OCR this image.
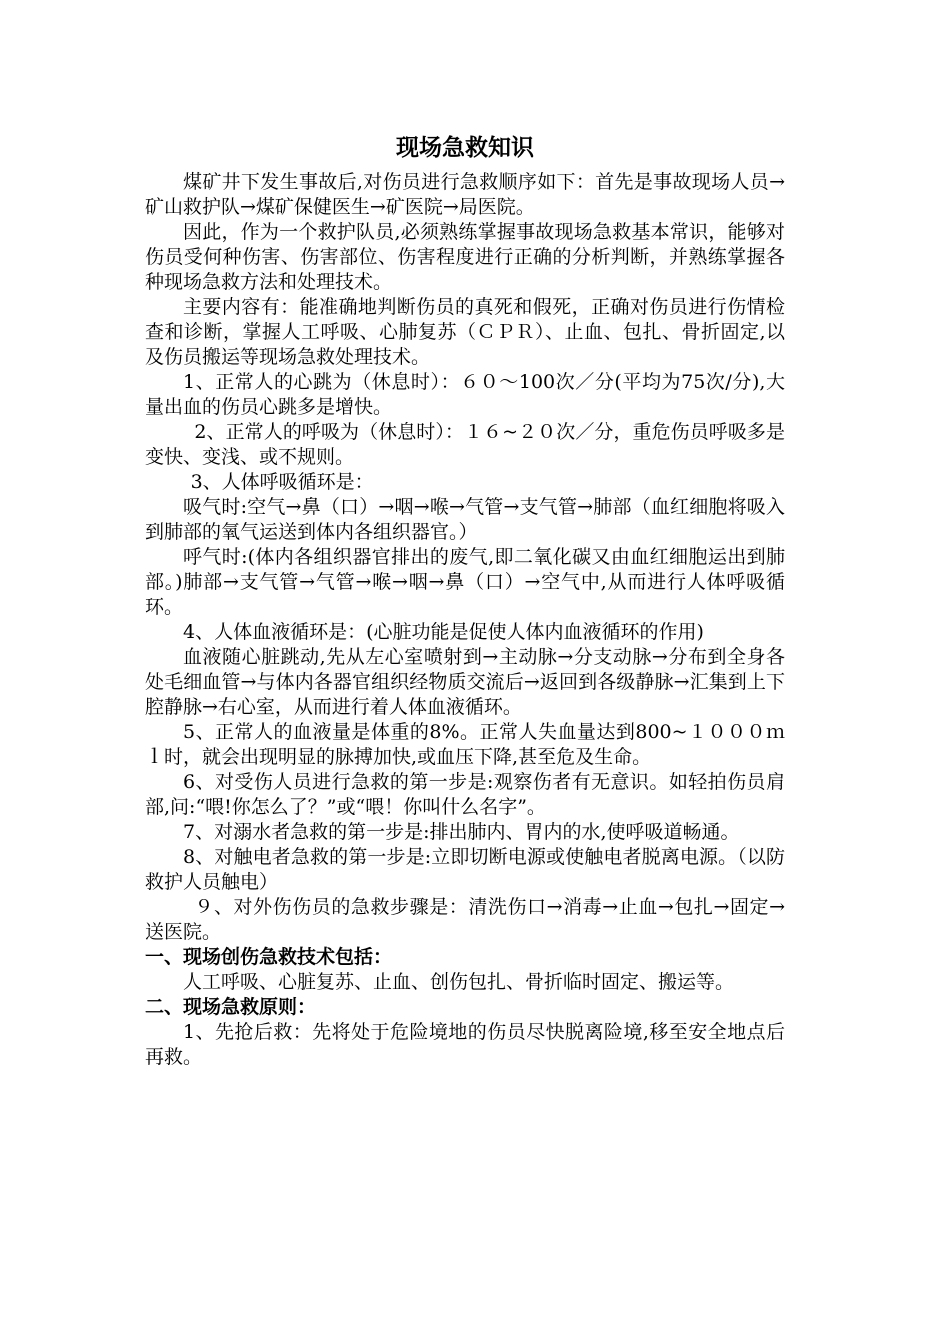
现场急救知识

煤矿井下发生事故后,对伤员进行急救顺序如下：首先是事故现场人员→矿山救护队→煤矿保健医生→矿医院→局医院。

因此，作为一个救护队员,必须熟练掌握事故现场急救基本常识，能够对伤员受何种伤害、伤害部位、伤害程度进行正确的分析判断，并熟练掌握各种现场急救方法和处理技术。

主要内容有：能准确地判断伤员的真死和假死，正确对伤员进行伤情检查和诊断，掌握人工呼吸、心肺复苏（ＣＰＲ）、止血、包扎、骨折固定,以及伤员搬运等现场急救处理技术。

1、正常人的心跳为（休息时）：６０～100次／分(平均为75次/分),大量出血的伤员心跳多是增快。

2、正常人的呼吸为（休息时）：１６~２０次／分，重危伤员呼吸多是变快、变浅、或不规则。

3、人体呼吸循环是：

吸气时:空气→鼻（口）→咽→喉→气管→支气管→肺部（血红细胞将吸入到肺部的氧气运送到体内各组织器官。）

呼气时:(体内各组织器官排出的废气,即二氧化碳又由血红细胞运出到肺部。)肺部→支气管→气管→喉→咽→鼻（口）→空气中,从而进行人体呼吸循环。

4、人体血液循环是：(心脏功能是促使人体内血液循环的作用)

血液随心脏跳动,先从左心室喷射到→主动脉→分支动脉→分布到全身各处毛细血管→与体内各器官组织经物质交流后→返回到各级静脉→汇集到上下腔静脉→右心室，从而进行着人体血液循环。

5、正常人的血液量是体重的8%。正常人失血量达到800~１０００ｍｌ时，就会出现明显的脉搏加快,或血压下降,甚至危及生命。

6、对受伤人员进行急救的第一步是:观察伤者有无意识。如轻拍伤员肩部,问:“喂!你怎么了？”或“喂！你叫什么名字”。

7、对溺水者急救的第一步是:排出肺内、胃内的水,使呼吸道畅通。

8、对触电者急救的第一步是:立即切断电源或使触电者脱离电源。（以防救护人员触电）

９、对外伤伤员的急救步骤是：清洗伤口→消毒→止血→包扎→固定→送医院。

一、现场创伤急救技术包括：

人工呼吸、心脏复苏、止血、创伤包扎、骨折临时固定、搬运等。

二、现场急救原则：

1、先抢后救：先将处于危险境地的伤员尽快脱离险境,移至安全地点后再救。
